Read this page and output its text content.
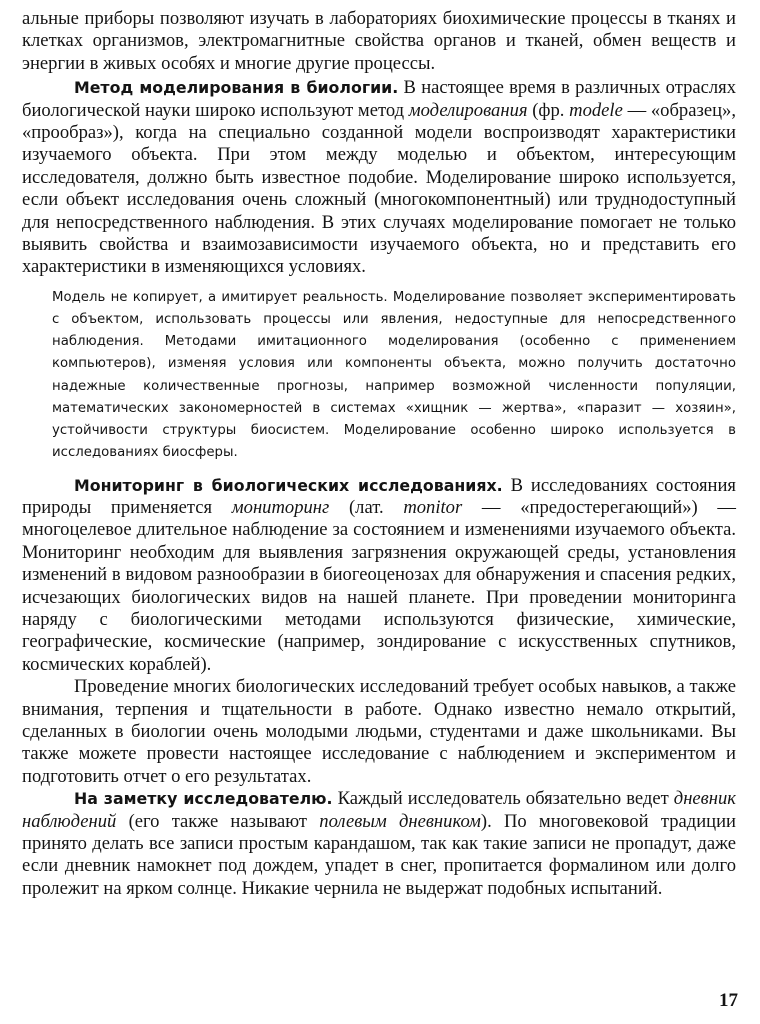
альные приборы позволяют изучать в лабораториях биохимические процессы в тканях и клетках организмов, электромагнитные свойства органов и тканей, обмен веществ и энергии в живых особях и многие другие процессы.

Метод моделирования в биологии. В настоящее время в различных отраслях биологической науки широко используют метод моделирования (фр. modele — «образец», «прообраз»), когда на специально созданной модели воспроизводят характеристики изучаемого объекта. При этом между моделью и объектом, интересующим исследователя, должно быть известное подобие. Моделирование широко используется, если объект исследования очень сложный (многокомпонентный) или труднодоступный для непосредственного наблюдения. В этих случаях моделирование помогает не только выявить свойства и взаимозависимости изучаемого объекта, но и представить его характеристики в изменяющихся условиях.

Модель не копирует, а имитирует реальность. Моделирование позволяет экспериментировать с объектом, использовать процессы или явления, недоступные для непосредственного наблюдения. Методами имитационного моделирования (особенно с применением компьютеров), изменяя условия или компоненты объекта, можно получить достаточно надежные количественные прогнозы, например возможной численности популяции, математических закономерностей в системах «хищник — жертва», «паразит — хозяин», устойчивости структуры биосистем. Моделирование особенно широко используется в исследованиях биосферы.

Мониторинг в биологических исследованиях. В исследованиях состояния природы применяется мониторинг (лат. monitor — «предостерегающий») — многоцелевое длительное наблюдение за состоянием и изменениями изучаемого объекта. Мониторинг необходим для выявления загрязнения окружающей среды, установления изменений в видовом разнообразии в биогеоценозах для обнаружения и спасения редких, исчезающих биологических видов на нашей планете. При проведении мониторинга наряду с биологическими методами используются физические, химические, географические, космические (например, зондирование с искусственных спутников, космических кораблей).

Проведение многих биологических исследований требует особых навыков, а также внимания, терпения и тщательности в работе. Однако известно немало открытий, сделанных в биологии очень молодыми людьми, студентами и даже школьниками. Вы также можете провести настоящее исследование с наблюдением и экспериментом и подготовить отчет о его результатах.

На заметку исследователю. Каждый исследователь обязательно ведет дневник наблюдений (его также называют полевым дневником). По многовековой традиции принято делать все записи простым карандашом, так как такие записи не пропадут, даже если дневник намокнет под дождем, упадет в снег, пропитается формалином или долго пролежит на ярком солнце. Никакие чернила не выдержат подобных испытаний.

17
